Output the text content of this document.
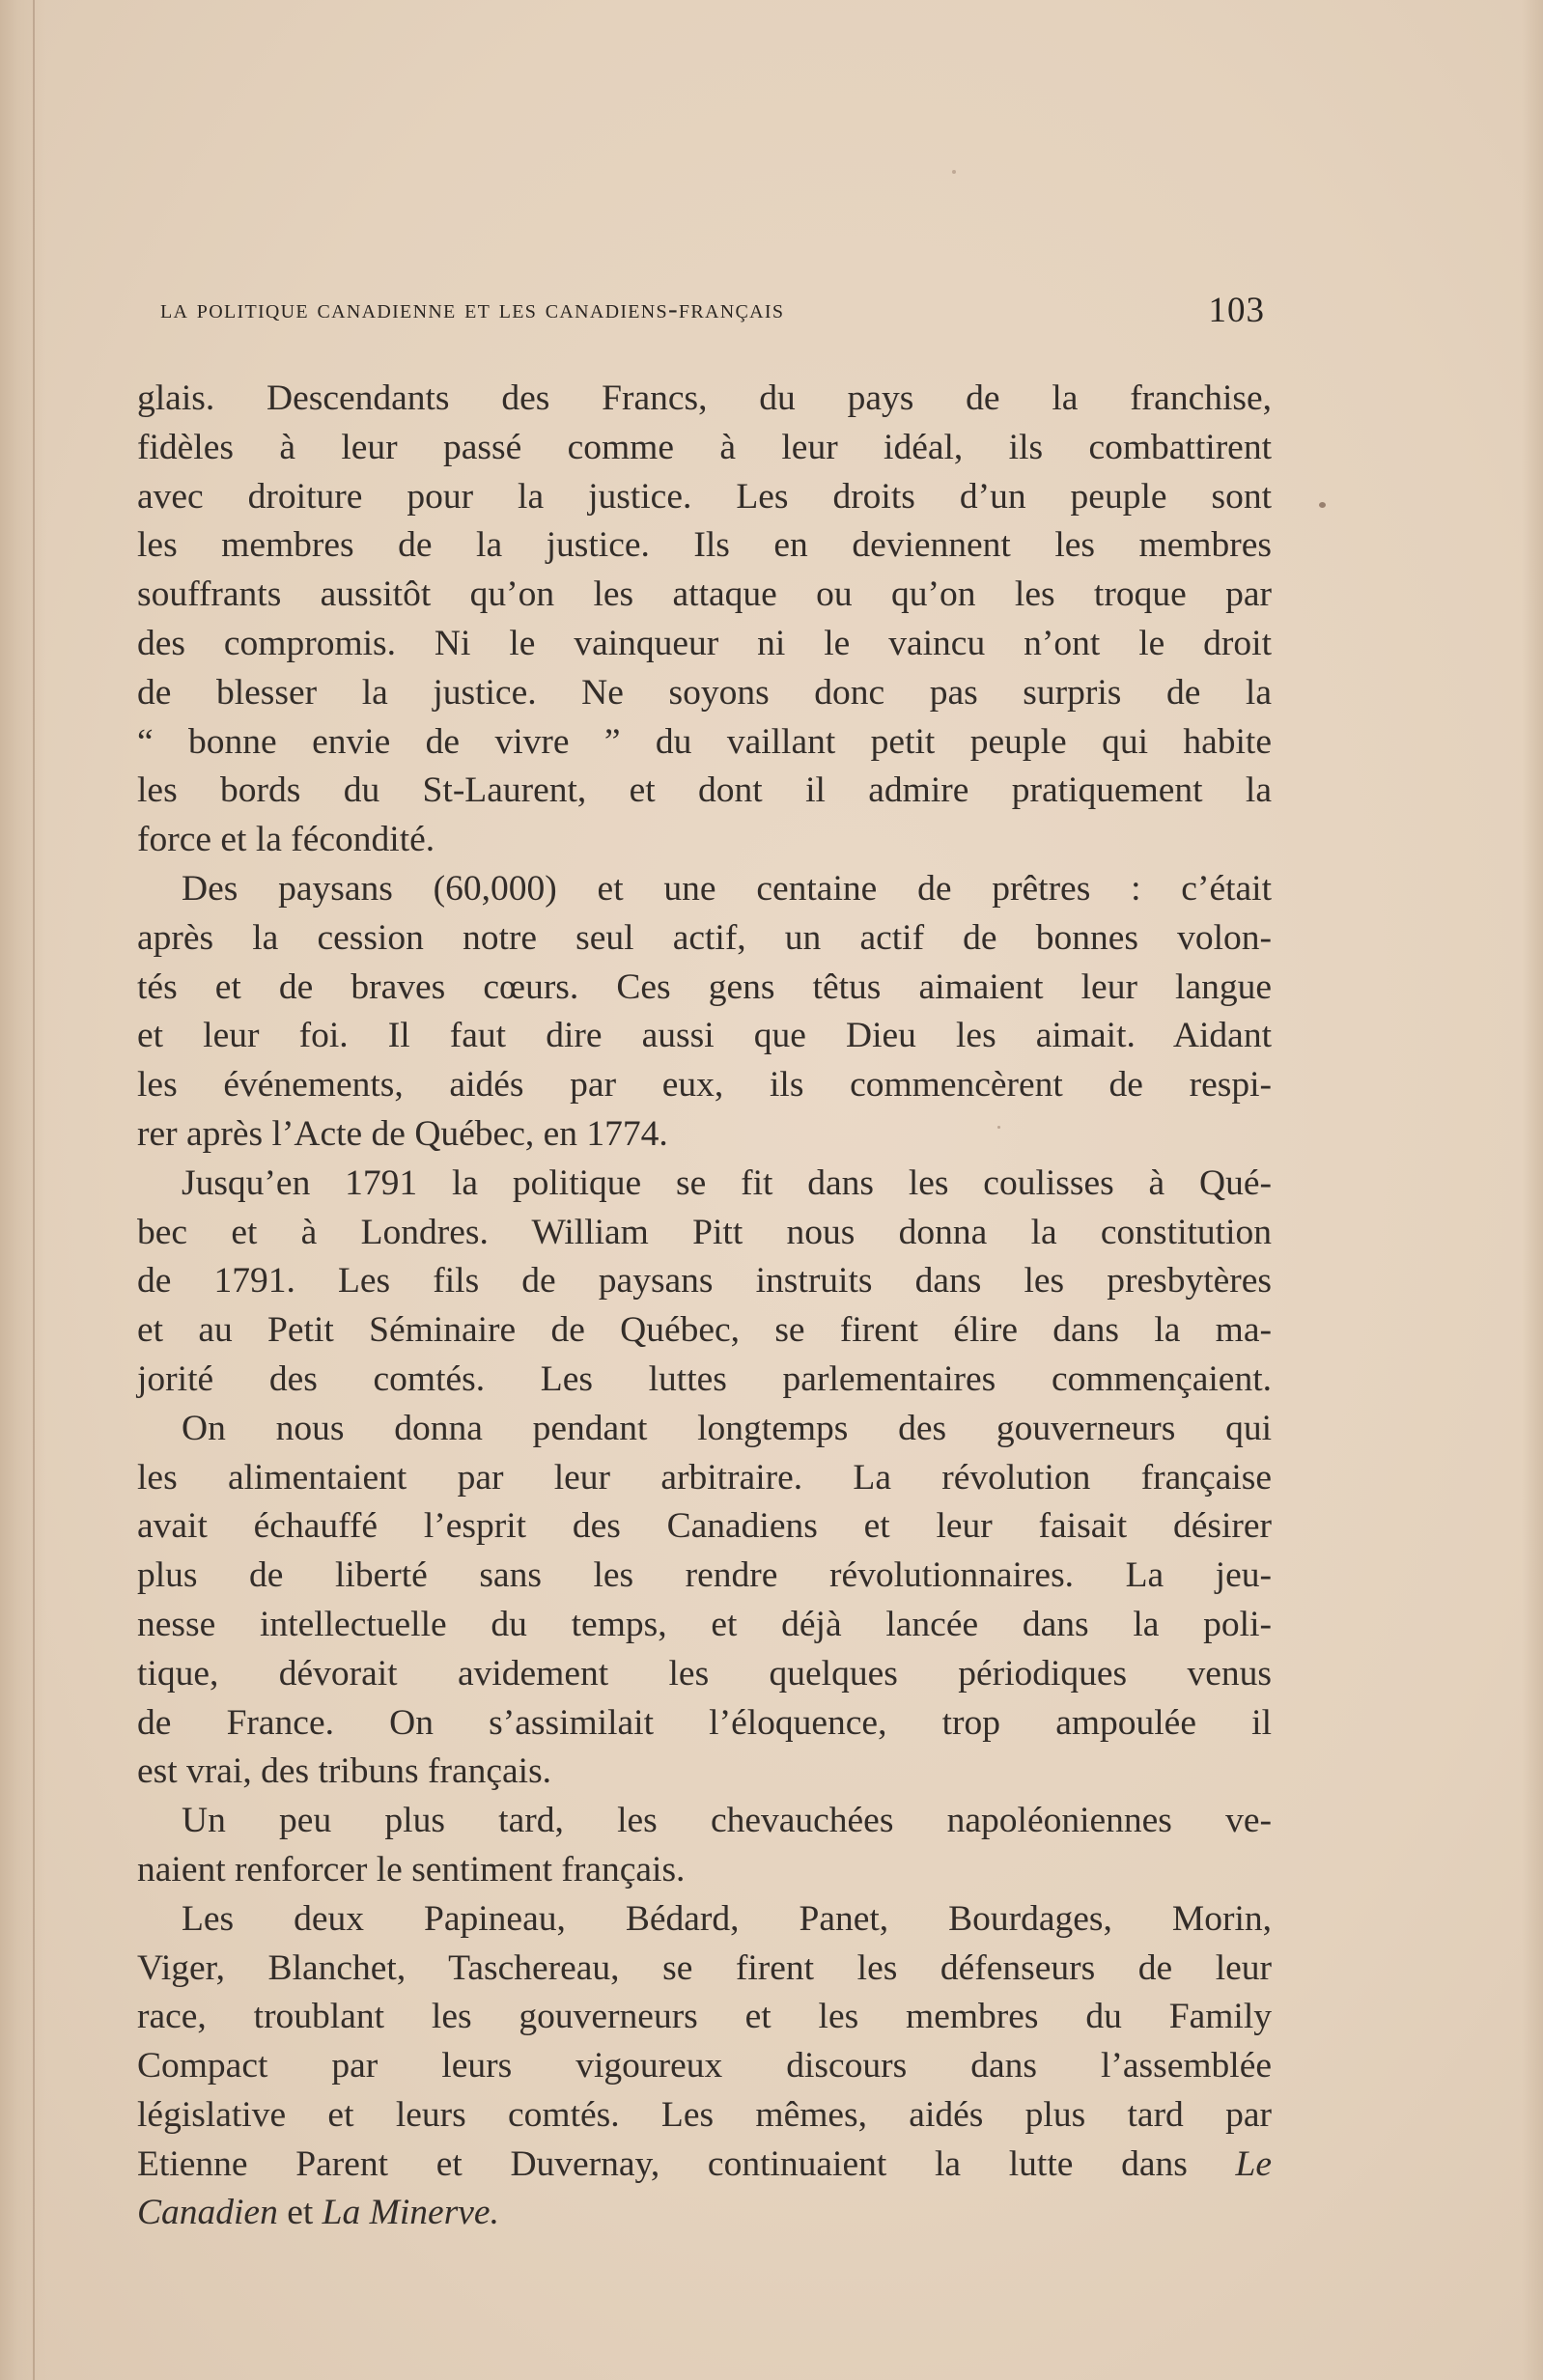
la politique canadienne et les canadiens-français	103
glais. Descendants des Francs, du pays de la franchise,
fidèles à leur passé comme à leur idéal, ils combattirent
avec droiture pour la justice. Les droits d’un peuple sont
les membres de la justice. Ils en deviennent les membres
souffrants aussitôt qu’on les attaque ou qu’on les troque par
des compromis. Ni le vainqueur ni le vaincu n’ont le droit
de blesser la justice. Ne soyons donc pas surpris de la
“ bonne envie de vivre ” du vaillant petit peuple qui habite
les bords du St-Laurent, et dont il admire pratiquement la
force et la fécondité.
Des paysans (60,000) et une centaine de prêtres : c’était
après la cession notre seul actif, un actif de bonnes volon-
tés et de braves cœurs. Ces gens têtus aimaient leur langue
et leur foi. Il faut dire aussi que Dieu les aimait. Aidant
les événements, aidés par eux, ils commencèrent de respi-
rer après l’Acte de Québec, en 1774.
Jusqu’en 1791 la politique se fit dans les coulisses à Qué-
bec et à Londres. William Pitt nous donna la constitution
de 1791. Les fils de paysans instruits dans les presbytères
et au Petit Séminaire de Québec, se firent élire dans la ma-
jorité des comtés. Les luttes parlementaires commençaient.
On nous donna pendant longtemps des gouverneurs qui
les alimentaient par leur arbitraire. La révolution française
avait échauffé l’esprit des Canadiens et leur faisait désirer
plus de liberté sans les rendre révolutionnaires. La jeu-
nesse intellectuelle du temps, et déjà lancée dans la poli-
tique, dévorait avidement les quelques périodiques venus
de France. On s’assimilait l’éloquence, trop ampoulée il
est vrai, des tribuns français.
Un peu plus tard, les chevauchées napoléoniennes ve-
naient renforcer le sentiment français.
Les deux Papineau, Bédard, Panet, Bourdages, Morin,
Viger, Blanchet, Taschereau, se firent les défenseurs de leur
race, troublant les gouverneurs et les membres du Family
Compact par leurs vigoureux discours dans l’assemblée
législative et leurs comtés. Les mêmes, aidés plus tard par
Etienne Parent et Duvernay, continuaient la lutte dans Le
Canadien et La Minerve.
